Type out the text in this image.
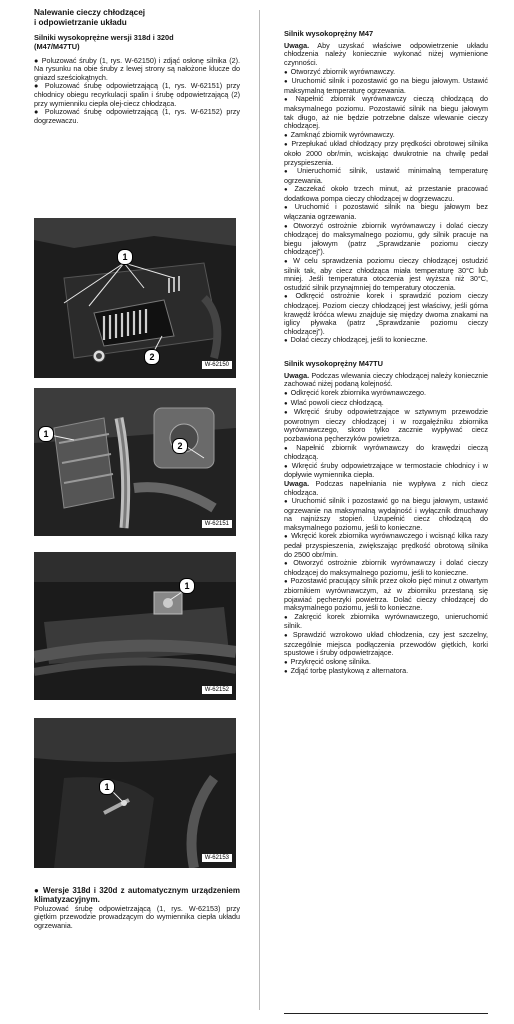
Nalewanie cieczy chłodzącej
i odpowietrzanie układu
Silniki wysokoprężne wersji 318d i 320d
(M47/M47TU)

● Poluzować śruby (1, rys. W-62150) i zdjąć osłonę silnika (2). Na rysunku na obie śruby z lewej strony są nałożone klucze do gniazd sześciokątnych.

● Poluzować śrubę odpowietrzającą (1, rys. W-62151) przy chłodnicy obiegu recyrkulacji spalin i śrubę odpowietrzającą (2) przy wymienniku ciepła olej-ciecz chłodząca.

● Poluzować śrubę odpowietrzającą (1, rys. W-62152) przy dogrzewaczu.

1
2
W-62150
1
2
W-62151
1
W-62152
1
W-62153

● Wersje 318d i 320d z automatycznym urządzeniem klimatyzacyjnym.

Poluzować śrubę odpowietrzającą (1, rys. W-62153) przy giętkim przewodzie prowadzącym do wymiennika ciepła układu ogrzewania.

Silnik wysokoprężny M47

Uwaga. Aby uzyskać właściwe odpowietrzenie układu chłodzenia należy koniecznie wykonać niżej wymienione czynności.

● Otworzyć zbiornik wyrównawczy.

● Uruchomić silnik i pozostawić go na biegu jałowym. Ustawić maksymalną temperaturę ogrzewania.

● Napełnić zbiornik wyrównawczy cieczą chłodzącą do maksymalnego poziomu. Pozostawić silnik na biegu jałowym tak długo, aż nie będzie potrzebne dalsze wlewanie cieczy chłodzącej.

● Zamknąć zbiornik wyrównawczy.

● Przepłukać układ chłodzący przy prędkości obrotowej silnika około 2000 obr/min, wciskając dwukrotnie na chwilę pedał przyspieszenia.

● Unieruchomić silnik, ustawić minimalną temperaturę ogrzewania.

● Zaczekać około trzech minut, aż przestanie pracować dodatkowa pompa cieczy chłodzącej w dogrzewaczu.

● Uruchomić i pozostawić silnik na biegu jałowym bez włączania ogrzewania.

● Otworzyć ostrożnie zbiornik wyrównawczy i dolać cieczy chłodzącej do maksymalnego poziomu, gdy silnik pracuje na biegu jałowym (patrz „Sprawdzanie poziomu cieczy chłodzącej”).

● W celu sprawdzenia poziomu cieczy chłodzącej ostudzić silnik tak, aby ciecz chłodząca miała temperaturę 30°C lub mniej. Jeśli temperatura otoczenia jest wyższa niż 30°C, ostudzić silnik przynajmniej do temperatury otoczenia.

● Odkręcić ostrożnie korek i sprawdzić poziom cieczy chłodzącej. Poziom cieczy chłodzącej jest właściwy, jeśli górna krawędź króćca wlewu znajduje się między dwoma znakami na iglicy pływaka (patrz „Sprawdzanie poziomu cieczy chłodzącej”).

● Dolać cieczy chłodzącej, jeśli to konieczne.

Silnik wysokoprężny M47TU

Uwaga. Podczas wlewania cieczy chłodzącej należy koniecznie zachować niżej podaną kolejność.

● Odkręcić korek zbiornika wyrównawczego.

● Wlać powoli ciecz chłodzącą.

● Wkręcić śruby odpowietrzające w sztywnym przewodzie powrotnym cieczy chłodzącej i w rozgałęźniku zbiornika wyrównawczego, skoro tylko zacznie wypływać ciecz pozbawiona pęcherzyków powietrza.

● Napełnić zbiornik wyrównawczy do krawędzi cieczą chłodzącą.

● Wkręcić śruby odpowietrzające w termostacie chłodnicy i w dopływie wymiennika ciepła.

Uwaga. Podczas napełniania nie wypływa z nich ciecz chłodząca.

● Uruchomić silnik i pozostawić go na biegu jałowym, ustawić ogrzewanie na maksymalną wydajność i wyłącznik dmuchawy na najniższy stopień. Uzupełnić ciecz chłodzącą do maksymalnego poziomu, jeśli to konieczne.

● Wkręcić korek zbiornika wyrównawczego i wcisnąć kilka razy pedał przyspieszenia, zwiększając prędkość obrotową silnika do 2500 obr/min.

● Otworzyć ostrożnie zbiornik wyrównawczy i dolać cieczy chłodzącej do maksymalnego poziomu, jeśli to konieczne.

● Pozostawić pracujący silnik przez około pięć minut z otwartym zbiornikiem wyrównawczym, aż w zbiorniku przestaną się pojawiać pęcherzyki powietrza. Dolać cieczy chłodzącej do maksymalnego poziomu, jeśli to konieczne.

● Zakręcić korek zbiornika wyrównawczego, unieruchomić silnik.

● Sprawdzić wzrokowo układ chłodzenia, czy jest szczelny, szczególnie miejsca podłączenia przewodów giętkich, korki spustowe i śruby odpowietrzające.

● Przykręcić osłonę silnika.

● Zdjąć torbę plastykową z alternatora.
